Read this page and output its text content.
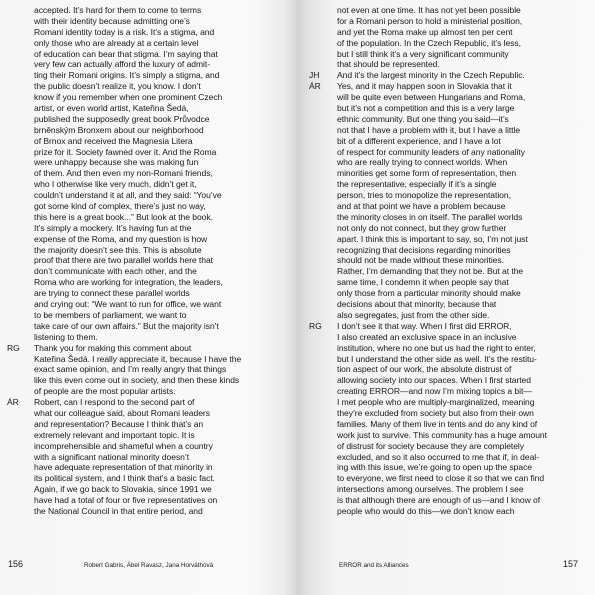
accepted. It’s hard for them to come to terms
with their identity because admitting one’s
Romani identity today is a risk. It’s a stigma, and
only those who are already at a certain level
of education can bear that stigma. I’m saying that
very few can actually afford the luxury of admit-
ting their Romani origins. It’s simply a stigma, and
the public doesn’t realize it, you know. I don’t
know if you remember when one prominent Czech
artist, or even world artist, Kateřina Šedá,
published the supposedly great book Průvodce
brněnským Bronxem about our neighborhood
of Brnox and received the Magnesia Litera
prize for it. Society fawned over it. And the Roma
were unhappy because she was making fun
of them. And then even my non-Romani friends,
who I otherwise like very much, didn’t get it,
couldn’t understand it at all, and they said: “You’ve
got some kind of complex, there’s just no way,
this here is a great book...” But look at the book.
It’s simply a mockery. It’s having fun at the
expense of the Roma, and my question is how
the majority doesn’t see this. This is absolute
proof that there are two parallel worlds here that
don’t communicate with each other, and the
Roma who are working for integration, the leaders,
are trying to connect these parallel worlds
and crying out: “We want to run for office, we want
to be members of parliament, we want to
take care of our own affairs.” But the majority isn’t
listening to them.
RG Thank you for making this comment about
Kateřina Šedá. I really appreciate it, because I have the
exact same opinion, and I’m really angry that things
like this even come out in society, and then these kinds
of people are the most popular artists.
ÁR Robert, can I respond to the second part of
what our colleague said, about Romani leaders
and representation? Because I think that’s an
extremely relevant and important topic. It is
incomprehensible and shameful when a country
with a significant national minority doesn’t
have adequate representation of that minority in
its political system, and I think that’s a basic fact.
Again, if we go back to Slovakia, since 1991 we
have had a total of four or five representatives on
the National Council in that entire period, and
156	Robert Gabris, Ábel Ravasz, Jana Horváthová
not even at one time. It has not yet been possible
for a Romani person to hold a ministerial position,
and yet the Roma make up almost ten per cent
of the population. In the Czech Republic, it’s less,
but I still think it’s a very significant community
that should be represented.
JH And it’s the largest minority in the Czech Republic.
ÁR Yes, and it may happen soon in Slovakia that it
will be quite even between Hungarians and Roma,
but it’s not a competition and this is a very large
ethnic community. But one thing you said—it’s
not that I have a problem with it, but I have a little
bit of a different experience, and I have a lot
of respect for community leaders of any nationality
who are really trying to connect worlds. When
minorities get some form of representation, then
the representative, especially if it’s a single
person, tries to monopolize the representation,
and at that point we have a problem because
the minority closes in on itself. The parallel worlds
not only do not connect, but they grow further
apart. I think this is important to say, so, I’m not just
recognizing that decisions regarding minorities
should not be made without these minorities.
Rather, I’m demanding that they not be. But at the
same time, I condemn it when people say that
only those from a particular minority should make
decisions about that minority, because that
also segregates, just from the other side.
RG I don’t see it that way. When I first did ERROR,
I also created an exclusive space in an inclusive
institution, where no one but us had the right to enter,
but I understand the other side as well. It’s the restitu-
tion aspect of our work, the absolute distrust of
allowing society into our spaces. When I first started
creating ERROR—and now I’m mixing topics a bit—
I met people who are multiply-marginalized, meaning
they’re excluded from society but also from their own
families. Many of them live in tents and do any kind of
work just to survive. This community has a huge amount
of distrust for society because they are completely
excluded, and so it also occurred to me that if, in deal-
ing with this issue, we’re going to open up the space
to everyone, we first need to close it so that we can find
intersections among ourselves. The problem I see
is that although there are enough of us—and I know of
people who would do this—we don’t know each
ERROR and its Alliances	157
